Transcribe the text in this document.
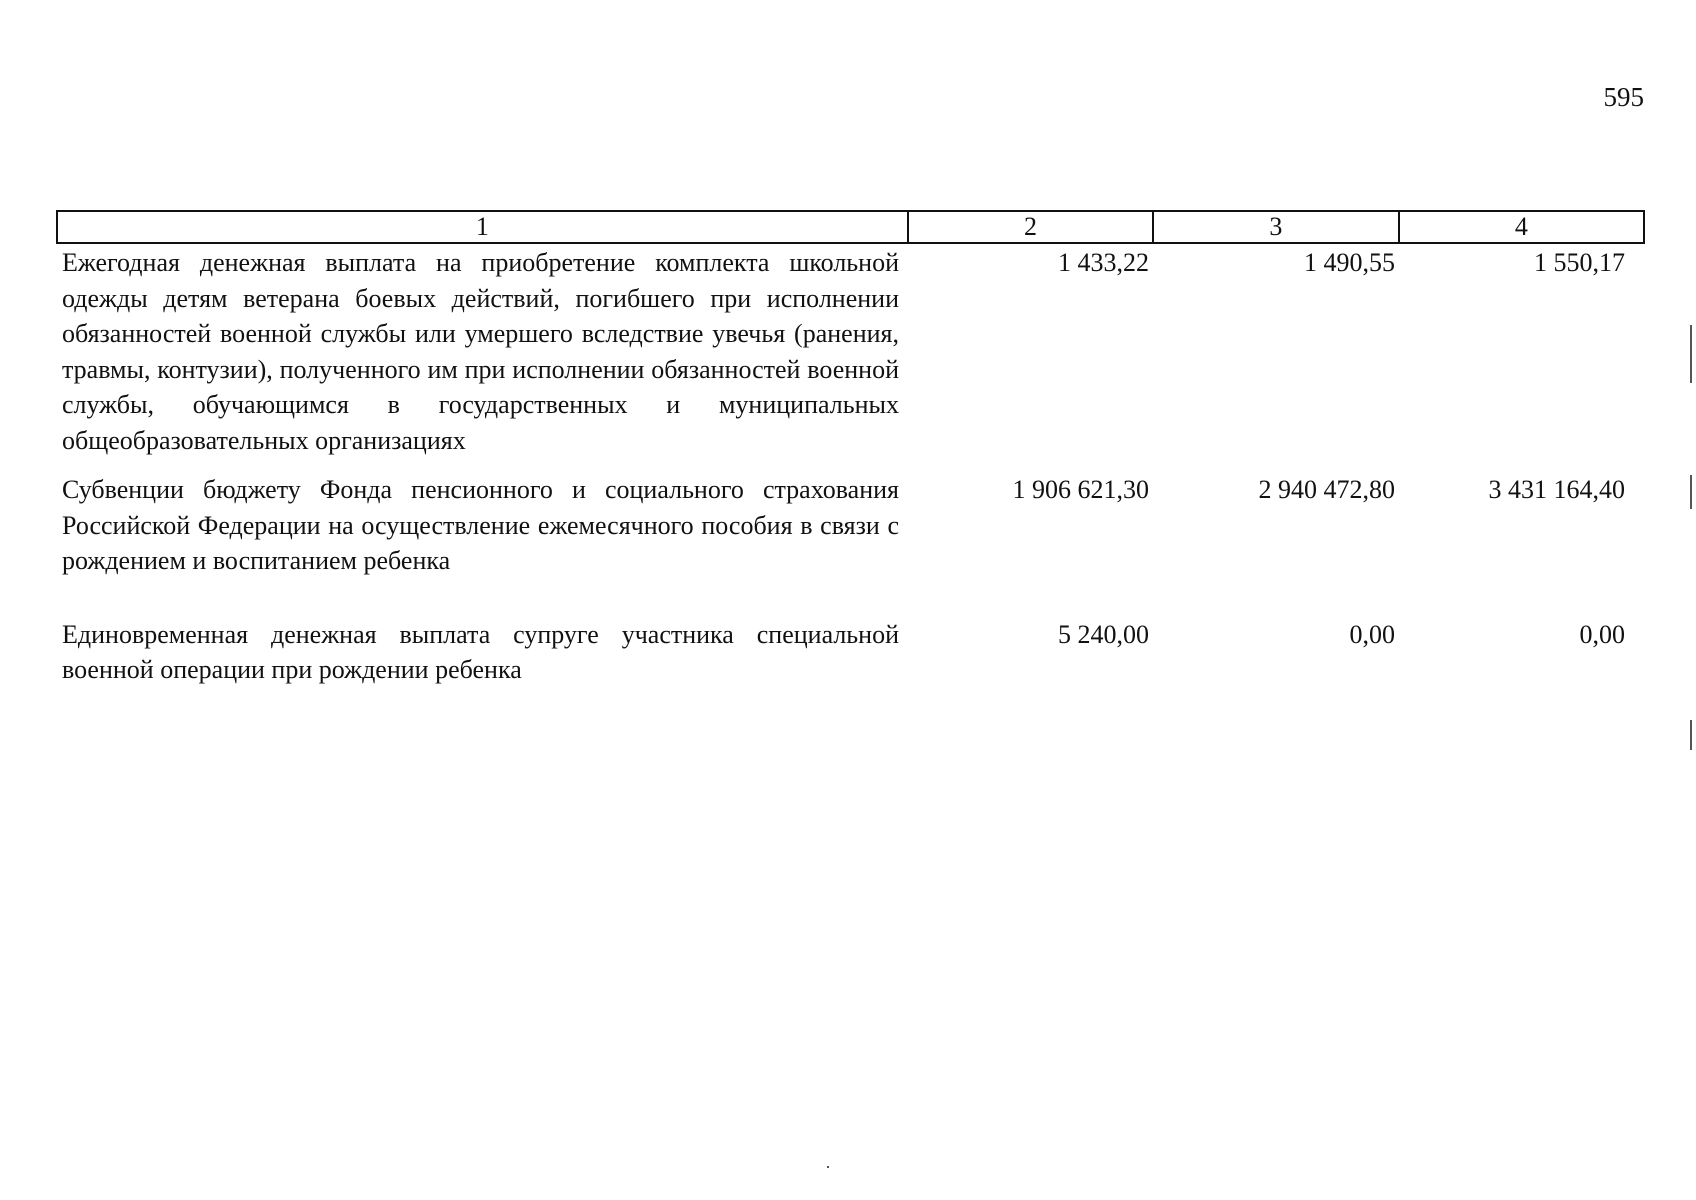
595
1	2	3	4
Ежегодная денежная выплата на приобретение комплекта школьной одежды детям ветерана боевых действий, погибшего при исполнении обязанностей военной службы или умершего вследствие увечья (ранения, травмы, контузии), полученного им при исполнении обязанностей военной службы, обучающимся в государственных и муниципальных общеобразовательных организациях
1 433,22	1 490,55	1 550,17
Субвенции бюджету Фонда пенсионного и социального страхования Российской Федерации на осуществление ежемесячного пособия в связи с рождением и воспитанием ребенка
1 906 621,30	2 940 472,80	3 431 164,40
Единовременная денежная выплата супруге участника специальной военной операции при рождении ребенка
5 240,00	0,00	0,00
